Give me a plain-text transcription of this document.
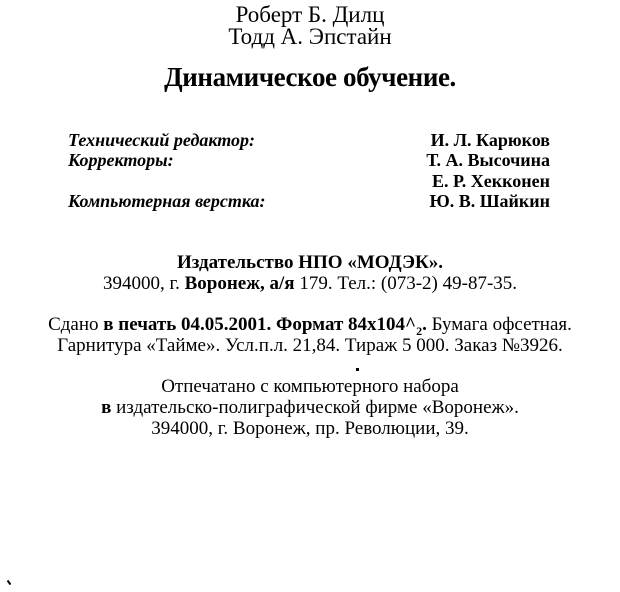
Роберт Б. Дилц
Тодд А. Эпстайн
Динамическое обучение.
Технический редактор:	И. Л. Карюков
Корректоры:	Т. А. Высочина
Е. Р. Хекконен
Компьютерная верстка:	Ю. В. Шайкин
Издательство НПО «МОДЭК».
394000, г. Воронеж, а/я 179. Тел.: (073-2) 49-87-35.
Сдано в печать 04.05.2001. Формат $84x104\^{}_2$. Бумага офсетная.
Гарнитура «Тайме». Усл.п.л. 21,84. Тираж 5 000. Заказ №3926.
Отпечатано с компьютерного набора
в издательско-полиграфической фирме «Воронеж».
394000, г. Воронеж, пр. Революции, 39.
